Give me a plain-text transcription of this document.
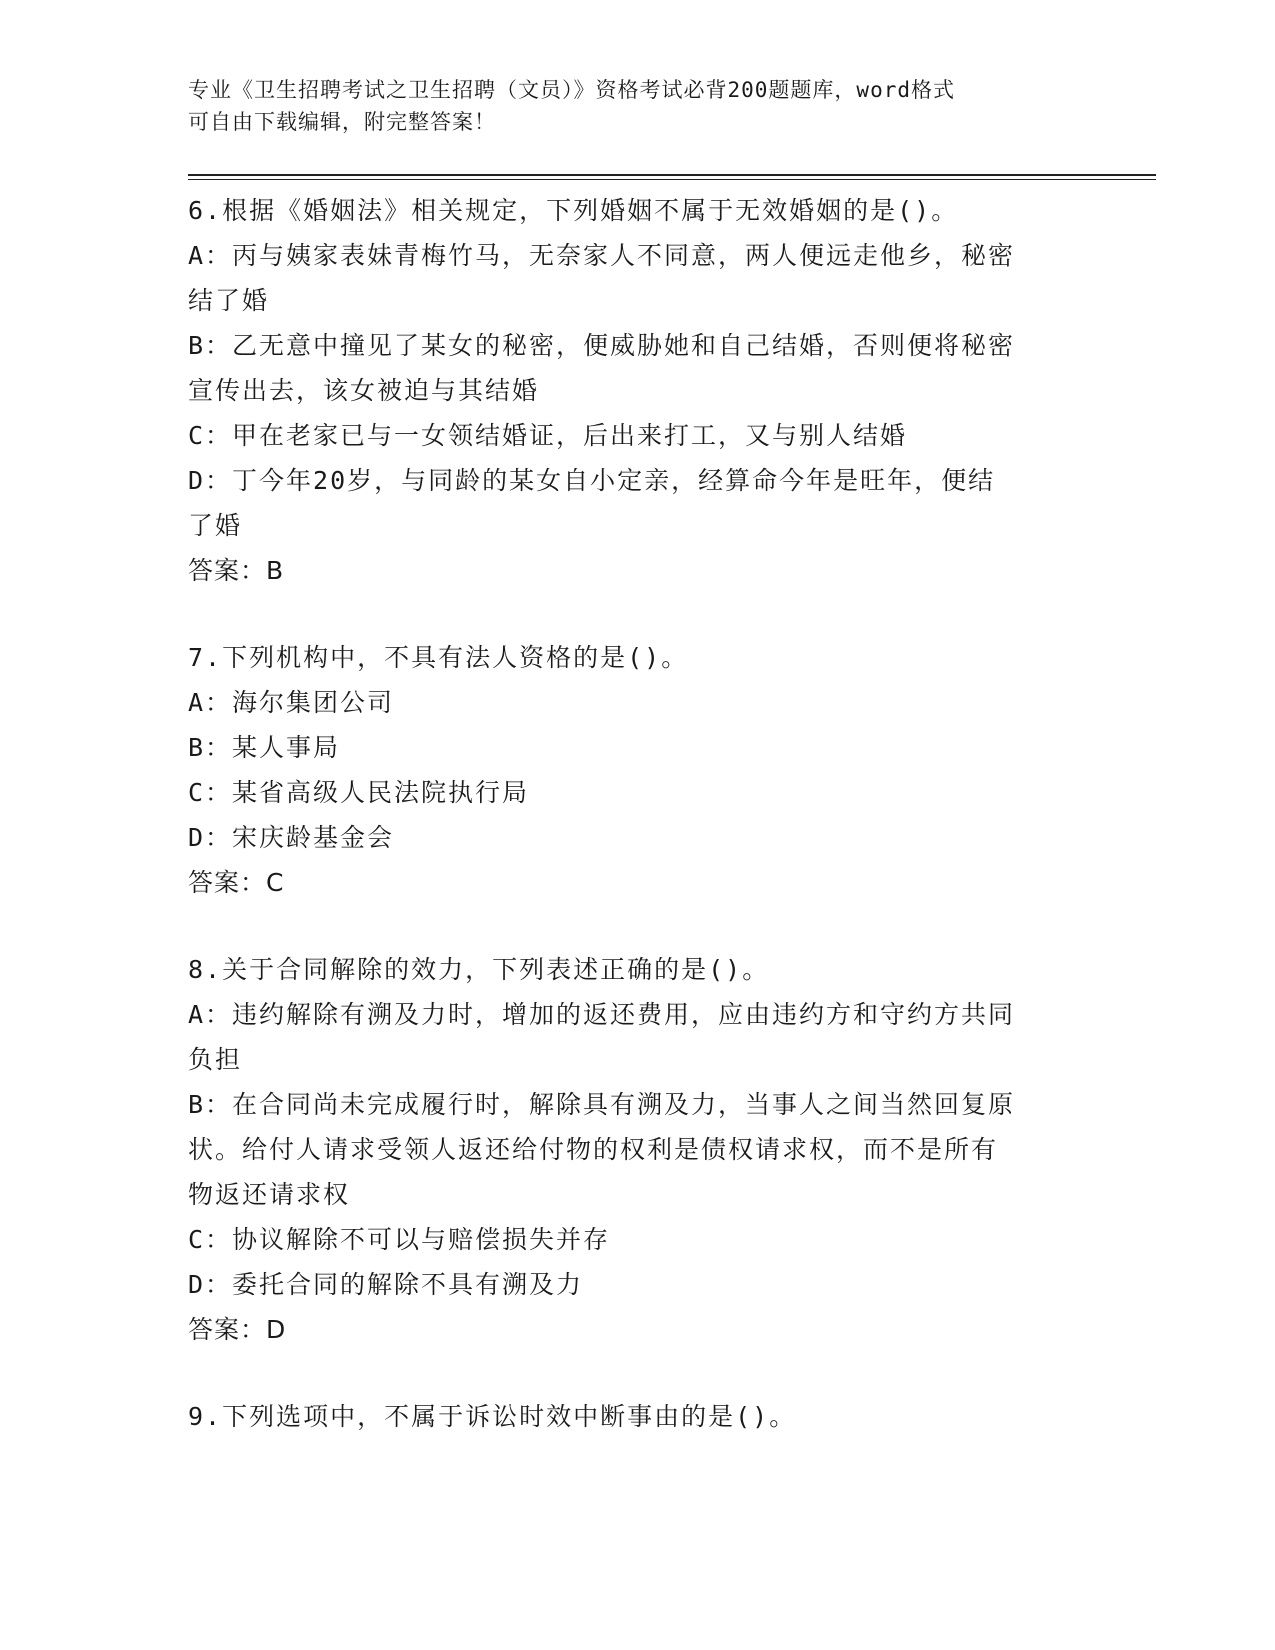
专业《卫生招聘考试之卫生招聘（文员）》资格考试必背200题题库，word格式
可自由下载编辑，附完整答案！
6.根据《婚姻法》相关规定，下列婚姻不属于无效婚姻的是()。
A：丙与姨家表妹青梅竹马，无奈家人不同意，两人便远走他乡，秘密
结了婚
B：乙无意中撞见了某女的秘密，便威胁她和自己结婚，否则便将秘密
宣传出去，该女被迫与其结婚
C：甲在老家已与一女领结婚证，后出来打工，又与别人结婚
D：丁今年20岁，与同龄的某女自小定亲，经算命今年是旺年，便结
了婚
答案：B
7.下列机构中，不具有法人资格的是()。
A：海尔集团公司
B：某人事局
C：某省高级人民法院执行局
D：宋庆龄基金会
答案：C
8.关于合同解除的效力，下列表述正确的是()。
A：违约解除有溯及力时，增加的返还费用，应由违约方和守约方共同
负担
B：在合同尚未完成履行时，解除具有溯及力，当事人之间当然回复原
状。给付人请求受领人返还给付物的权利是债权请求权，而不是所有
物返还请求权
C：协议解除不可以与赔偿损失并存
D：委托合同的解除不具有溯及力
答案：D
9.下列选项中，不属于诉讼时效中断事由的是()。
